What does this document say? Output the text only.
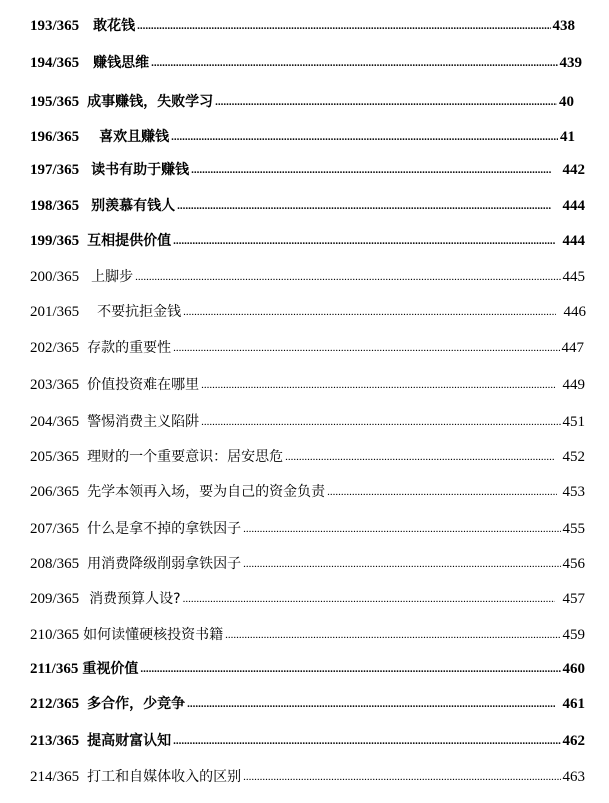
193/365	敢花钱 .....	438
194/365	赚钱思维 .....	439
195/365 成事赚钱，失败学习 .....	40
196/365	喜欢且赚钱 .....	41
197/365 读书有助于赚钱 .....	442
198/365 别羡慕有钱人 .....	444
199/365 互相提供价值 .....	444
200/365 上脚步 .....	445
201/365	不要抗拒金钱 .....	446
202/365 存款的重要性 .....	447
203/365 价值投资难在哪里 .....	449
204/365 警惕消费主义陷阱 .....	451
205/365 理财的一个重要意识：居安思危 .....	452
206/365 先学本领再入场，要为自己的资金负责 .....	453
207/365 什么是拿不掉的拿铁因子 .....	455
208/365 用消费降级削弱拿铁因子 .....	456
209/365 消费预算人设? .....	457
210/365 如何读懂硬核投资书籍 .....	459
211/365 重视价值 .....	460
212/365 多合作，少竞争 .....	461
213/365 提高财富认知 .....	462
214/365 打工和自媒体收入的区别 .....	463
